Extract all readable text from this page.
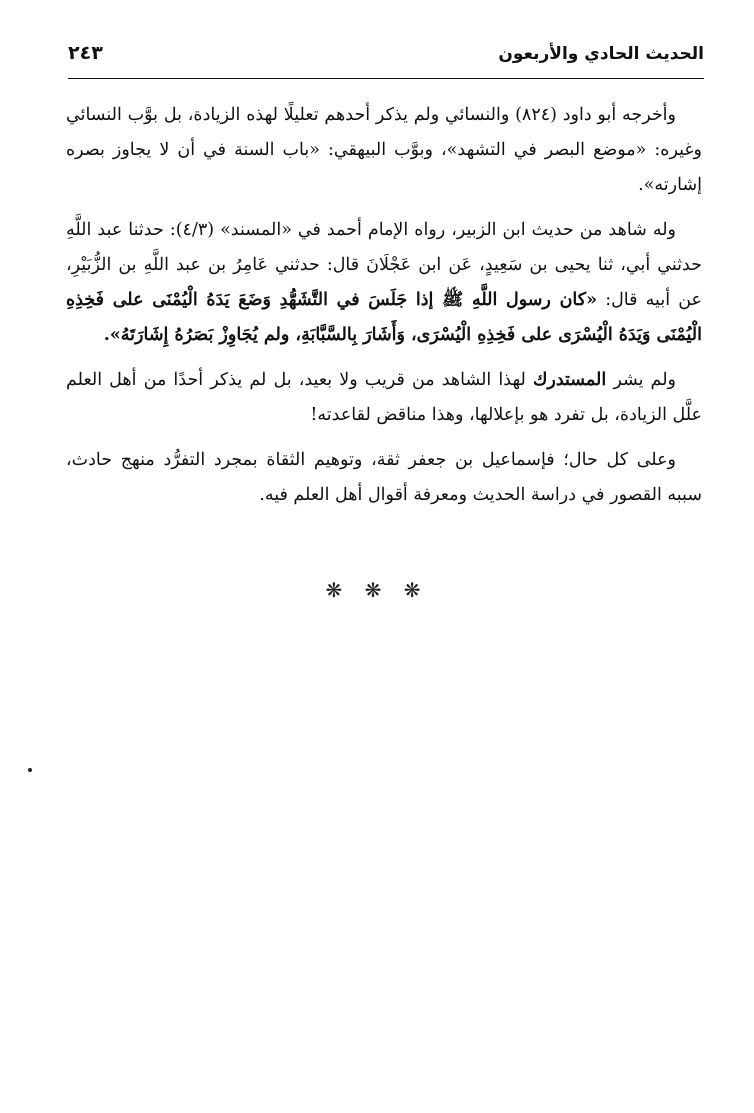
الحديث الحادي والأربعون
٢٤٣

وأخرجه أبو داود (٨٢٤) والنسائي ولم يذكر أحدهم تعليلًا لهذه الزيادة، بل بوَّب النسائي وغيره: «موضع البصر في التشهد»، وبوَّب البيهقي: «باب السنة في أن لا يجاوز بصره إشارته».

وله شاهد من حديث ابن الزبير، رواه الإمام أحمد في «المسند» (٤/٣): حدثنا عبد اللَّهِ حدثني أبي، ثنا يحيى بن سَعِيدٍ، عَن ابن عَجْلَانَ قال: حدثني عَامِرُ بن عبد اللَّهِ بن الزُّبَيْرِ، عن أبيه قال: «كان رسول اللَّهِ ﷺ إذا جَلَسَ في التَّشَهُّدِ وَضَعَ يَدَهُ الْيُمْنَى على فَخِذِهِ الْيُمْنَى وَيَدَهُ الْيُسْرَى على فَخِذِهِ الْيُسْرَى، وَأَشَارَ بِالسَّبَّابَةِ، ولم يُجَاوِزْ بَصَرُهُ إِشَارَتَهُ».

ولم يشر المستدرك لهذا الشاهد من قريب ولا بعيد، بل لم يذكر أحدًا من أهل العلم علَّل الزيادة، بل تفرد هو بإعلالها، وهذا مناقض لقاعدته!

وعلى كل حال؛ فإسماعيل بن جعفر ثقة، وتوهيم الثقاة بمجرد التفرُّد منهج حادث، سببه القصور في دراسة الحديث ومعرفة أقوال أهل العلم فيه.

❋ ❋ ❋
